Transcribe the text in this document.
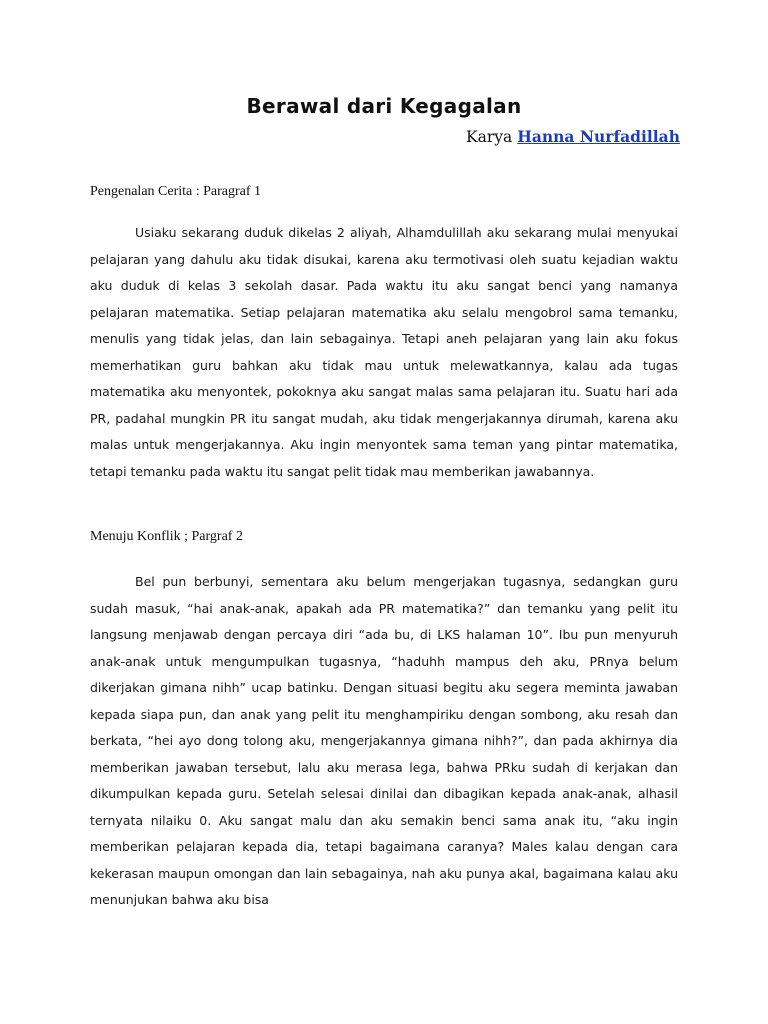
Berawal dari Kegagalan

Karya Hanna Nurfadillah

Pengenalan Cerita : Paragraf 1

Usiaku sekarang duduk dikelas 2 aliyah, Alhamdulillah aku sekarang mulai menyukai pelajaran yang dahulu aku tidak disukai, karena aku termotivasi oleh suatu kejadian waktu aku duduk di kelas 3 sekolah dasar. Pada waktu itu aku sangat benci yang namanya pelajaran matematika. Setiap pelajaran matematika aku selalu mengobrol sama temanku, menulis yang tidak jelas, dan lain sebagainya. Tetapi aneh pelajaran yang lain aku fokus memerhatikan guru bahkan aku tidak mau untuk melewatkannya, kalau ada tugas matematika aku menyontek, pokoknya aku sangat malas sama pelajaran itu. Suatu hari ada PR, padahal mungkin PR itu sangat mudah, aku tidak mengerjakannya dirumah, karena aku malas untuk mengerjakannya. Aku ingin menyontek sama teman yang pintar matematika, tetapi temanku pada waktu itu sangat pelit tidak mau memberikan jawabannya.

Menuju Konflik ; Pargraf 2

Bel pun berbunyi, sementara aku belum mengerjakan tugasnya, sedangkan guru sudah masuk, “hai anak-anak, apakah ada PR matematika?” dan temanku yang pelit itu langsung menjawab dengan percaya diri “ada bu, di LKS halaman 10”. Ibu pun menyuruh anak-anak untuk mengumpulkan tugasnya, “haduhh mampus deh aku, PRnya belum dikerjakan gimana nihh” ucap batinku. Dengan situasi begitu aku segera meminta jawaban kepada siapa pun, dan anak yang pelit itu menghampiriku dengan sombong, aku resah dan berkata, “hei ayo dong tolong aku, mengerjakannya gimana nihh?”, dan pada akhirnya dia memberikan jawaban tersebut, lalu aku merasa lega, bahwa PRku sudah di kerjakan dan dikumpulkan kepada guru. Setelah selesai dinilai dan dibagikan kepada anak-anak, alhasil ternyata nilaiku 0. Aku sangat malu dan aku semakin benci sama anak itu, “aku ingin memberikan pelajaran kepada dia, tetapi bagaimana caranya? Males kalau dengan cara kekerasan maupun omongan dan lain sebagainya, nah aku punya akal, bagaimana kalau aku menunjukan bahwa aku bisa
